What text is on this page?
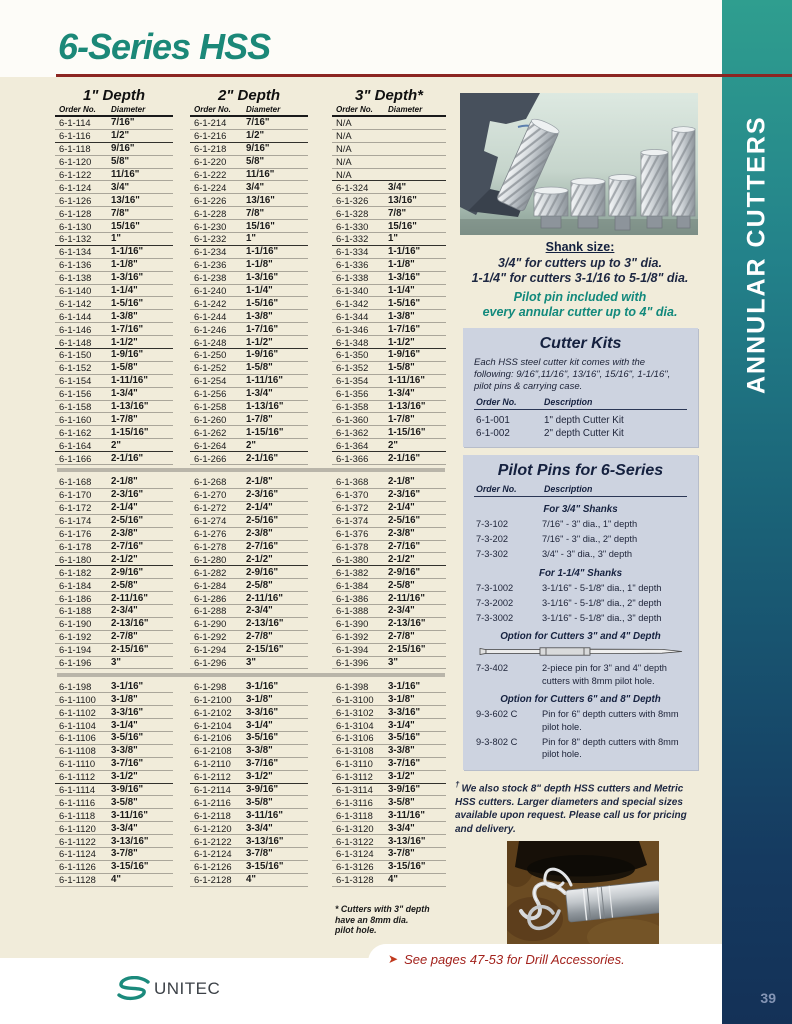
6-Series HSS
* Cutters with 3" depth
have an 8mm dia.
pilot hole.
1" Depth
Order No.	Diameter
6-1-114	7/16"
6-1-116	1/2"
6-1-118	9/16"
6-1-120	5/8"
6-1-122	11/16"
6-1-124	3/4"
6-1-126	13/16"
6-1-128	7/8"
6-1-130	15/16"
6-1-132	1"
6-1-134	1-1/16"
6-1-136	1-1/8"
6-1-138	1-3/16"
6-1-140	1-1/4"
6-1-142	1-5/16"
6-1-144	1-3/8"
6-1-146	1-7/16"
6-1-148	1-1/2"
6-1-150	1-9/16"
6-1-152	1-5/8"
6-1-154	1-11/16"
6-1-156	1-3/4"
6-1-158	1-13/16"
6-1-160	1-7/8"
6-1-162	1-15/16"
6-1-164	2"
6-1-166	2-1/16"
6-1-168	2-1/8"
6-1-170	2-3/16"
6-1-172	2-1/4"
6-1-174	2-5/16"
6-1-176	2-3/8"
6-1-178	2-7/16"
6-1-180	2-1/2"
6-1-182	2-9/16"
6-1-184	2-5/8"
6-1-186	2-11/16"
6-1-188	2-3/4"
6-1-190	2-13/16"
6-1-192	2-7/8"
6-1-194	2-15/16"
6-1-196	3"
6-1-198	3-1/16"
6-1-1100	3-1/8"
6-1-1102	3-3/16"
6-1-1104	3-1/4"
6-1-1106	3-5/16"
6-1-1108	3-3/8"
6-1-1110	3-7/16"
6-1-1112	3-1/2"
6-1-1114	3-9/16"
6-1-1116	3-5/8"
6-1-1118	3-11/16"
6-1-1120	3-3/4"
6-1-1122	3-13/16"
6-1-1124	3-7/8"
6-1-1126	3-15/16"
6-1-1128	4"
2" Depth
Order No.	Diameter
6-1-214	7/16"
6-1-216	1/2"
6-1-218	9/16"
6-1-220	5/8"
6-1-222	11/16"
6-1-224	3/4"
6-1-226	13/16"
6-1-228	7/8"
6-1-230	15/16"
6-1-232	1"
6-1-234	1-1/16"
6-1-236	1-1/8"
6-1-238	1-3/16"
6-1-240	1-1/4"
6-1-242	1-5/16"
6-1-244	1-3/8"
6-1-246	1-7/16"
6-1-248	1-1/2"
6-1-250	1-9/16"
6-1-252	1-5/8"
6-1-254	1-11/16"
6-1-256	1-3/4"
6-1-258	1-13/16"
6-1-260	1-7/8"
6-1-262	1-15/16"
6-1-264	2"
6-1-266	2-1/16"
6-1-268	2-1/8"
6-1-270	2-3/16"
6-1-272	2-1/4"
6-1-274	2-5/16"
6-1-276	2-3/8"
6-1-278	2-7/16"
6-1-280	2-1/2"
6-1-282	2-9/16"
6-1-284	2-5/8"
6-1-286	2-11/16"
6-1-288	2-3/4"
6-1-290	2-13/16"
6-1-292	2-7/8"
6-1-294	2-15/16"
6-1-296	3"
6-1-298	3-1/16"
6-1-2100	3-1/8"
6-1-2102	3-3/16"
6-1-2104	3-1/4"
6-1-2106	3-5/16"
6-1-2108	3-3/8"
6-1-2110	3-7/16"
6-1-2112	3-1/2"
6-1-2114	3-9/16"
6-1-2116	3-5/8"
6-1-2118	3-11/16"
6-1-2120	3-3/4"
6-1-2122	3-13/16"
6-1-2124	3-7/8"
6-1-2126	3-15/16"
6-1-2128	4"
3" Depth*
Order No.	Diameter
N/A
N/A
N/A
N/A
N/A
6-1-324	3/4"
6-1-326	13/16"
6-1-328	7/8"
6-1-330	15/16"
6-1-332	1"
6-1-334	1-1/16"
6-1-336	1-1/8"
6-1-338	1-3/16"
6-1-340	1-1/4"
6-1-342	1-5/16"
6-1-344	1-3/8"
6-1-346	1-7/16"
6-1-348	1-1/2"
6-1-350	1-9/16"
6-1-352	1-5/8"
6-1-354	1-11/16"
6-1-356	1-3/4"
6-1-358	1-13/16"
6-1-360	1-7/8"
6-1-362	1-15/16"
6-1-364	2"
6-1-366	2-1/16"
6-1-368	2-1/8"
6-1-370	2-3/16"
6-1-372	2-1/4"
6-1-374	2-5/16"
6-1-376	2-3/8"
6-1-378	2-7/16"
6-1-380	2-1/2"
6-1-382	2-9/16"
6-1-384	2-5/8"
6-1-386	2-11/16"
6-1-388	2-3/4"
6-1-390	2-13/16"
6-1-392	2-7/8"
6-1-394	2-15/16"
6-1-396	3"
6-1-398	3-1/16"
6-1-3100	3-1/8"
6-1-3102	3-3/16"
6-1-3104	3-1/4"
6-1-3106	3-5/16"
6-1-3108	3-3/8"
6-1-3110	3-7/16"
6-1-3112	3-1/2"
6-1-3114	3-9/16"
6-1-3116	3-5/8"
6-1-3118	3-11/16"
6-1-3120	3-3/4"
6-1-3122	3-13/16"
6-1-3124	3-7/8"
6-1-3126	3-15/16"
6-1-3128	4"
Shank size:
3/4" for cutters up to 3" dia.
1-1/4" for cutters 3-1/16 to 5-1/8" dia.
Pilot pin included with
every annular cutter up to 4" dia.
Cutter Kits
Each HSS steel cutter kit comes with the following: 9/16",11/16", 13/16", 15/16", 1-1/16", pilot pins & carrying case.
Order No.	Description
6-1-001	1" depth Cutter Kit
6-1-002	2" depth Cutter Kit
Pilot Pins for 6-Series
Order No.	Description
For 3/4" Shanks
7-3-102	7/16" - 3" dia., 1" depth
7-3-202	7/16" - 3" dia., 2" depth
7-3-302	3/4" - 3" dia., 3" depth
For 1-1/4" Shanks
7-3-1002	3-1/16" - 5-1/8" dia., 1" depth
7-3-2002	3-1/16" - 5-1/8" dia., 2" depth
7-3-3002	3-1/16" - 5-1/8" dia., 3" depth
Option for Cutters 3" and 4" Depth
7-3-402	2-piece pin for 3" and 4" depth cutters with 8mm pilot hole.
Option for Cutters 6" and 8" Depth
9-3-602 C	Pin for 6" depth cutters with 8mm pilot hole.
9-3-802 C	Pin for 8" depth cutters with 8mm pilot hole.
† We also stock 8" depth HSS cutters and Metric HSS cutters. Larger diameters and special sizes available upon request. Please call us for pricing and delivery.
➤ See pages 47-53 for Drill Accessories.
UNITEC
ANNULAR CUTTERS
39
